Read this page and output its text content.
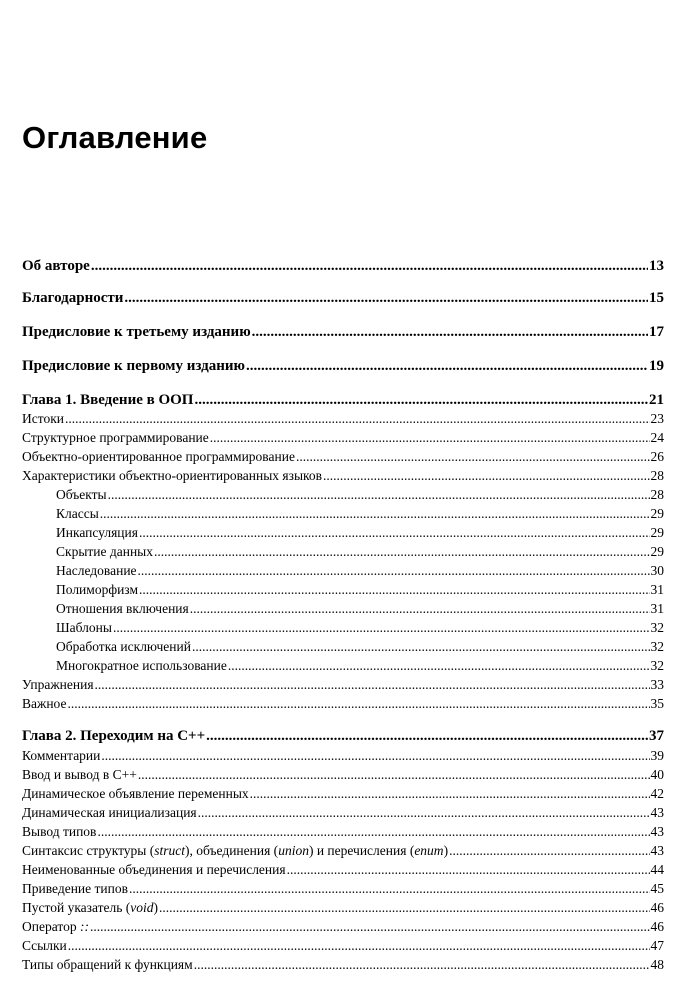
Оглавление
Об авторе .....	13
Благодарности .....	15
Предисловие к третьему изданию .....	17
Предисловие к первому изданию .....	19
Глава 1. Введение в ООП .....	21
Истоки .....	23
Структурное программирование .....	24
Объектно-ориентированное программирование .....	26
Характеристики объектно-ориентированных языков .....	28
Объекты .....	28
Классы .....	29
Инкапсуляция .....	29
Скрытие данных .....	29
Наследование .....	30
Полиморфизм .....	31
Отношения включения .....	31
Шаблоны .....	32
Обработка исключений .....	32
Многократное использование .....	32
Упражнения .....	33
Важное .....	35
Глава 2. Переходим на С++ .....	37
Комментарии .....	39
Ввод и вывод в С++ .....	40
Динамическое объявление переменных .....	42
Динамическая инициализация .....	43
Вывод типов .....	43
Синтаксис структуры (struct), объединения (union) и перечисления (enum) .....	43
Неименованные объединения и перечисления .....	44
Приведение типов .....	45
Пустой указатель (void) .....	46
Оператор :: .....	46
Ссылки .....	47
Типы обращений к функциям .....	48
